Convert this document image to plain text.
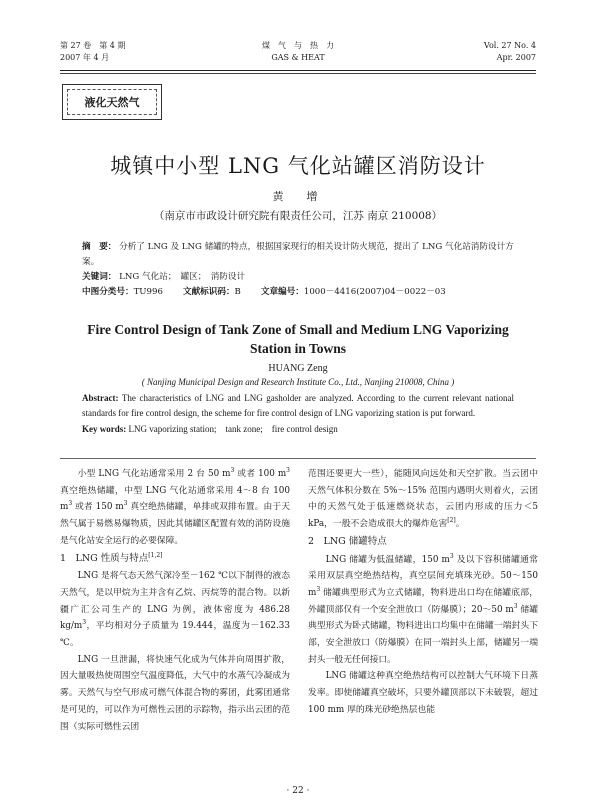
第 27 卷　第 4 期
2007 年 4 月
煤　气　与　热　力
GAS & HEAT
Vol. 27 No. 4
Apr. 2007
液化天然气
城镇中小型 LNG 气化站罐区消防设计
黄　增
（南京市市政设计研究院有限责任公司，江苏 南京 210008）
摘　要： 分析了 LNG 及 LNG 储罐的特点，根据国家现行的相关设计防火规范，提出了 LNG 气化站消防设计方案。
关键词： LNG 气化站；　罐区；　消防设计
中图分类号：TU996 文献标识码：B 文章编号：1000－4416(2007)04－0022－03
Fire Control Design of Tank Zone of Small and Medium LNG Vaporizing Station in Towns
HUANG Zeng
( Nanjing Municipal Design and Research Institute Co., Ltd., Nanjing 210008, China )
Abstract: The characteristics of LNG and LNG gasholder are analyzed. According to the current relevant national standards for fire control design, the scheme for fire control design of LNG vaporizing station is put forward.
Key words: LNG vaporizing station;　tank zone;　fire control design

小型 LNG 气化站通常采用 2 台 50 $m^3$ 或者 100 $m^3$ 真空绝热储罐，中型 LNG 气化站通常采用 4～8 台 100 $m^3$ 或者 150 $m^3$ 真空绝热储罐，单排或双排布置。由于天然气属于易燃易爆物质，因此其储罐区配置有效的消防设施是气化站安全运行的必要保障。

1　LNG 性质与特点[1,2]

LNG 是将气态天然气深冷至－162 ℃以下制得的液态天然气，是以甲烷为主并含有乙烷、丙烷等的混合物。以新疆广汇公司生产的 LNG 为例，液体密度为 486.28 $kg/m^3$，平均相对分子质量为 19.444，温度为－162.33 ℃。

LNG 一旦泄漏，将快速气化成为气体并向周围扩散，因大量吸热使周围空气温度降低，大气中的水蒸气冷凝成为雾。天然气与空气形成可燃气体混合物的雾团，此雾团通常是可见的，可以作为可燃性云团的示踪物，指示出云团的范围（实际可燃性云团

范围还要更大一些），能随风向远处和天空扩散。当云团中天然气体积分数在 5%～15% 范围内遇明火则着火，云团中的天然气处于低速燃烧状态，云团内形成的压力＜5 kPa，一般不会造成很大的爆炸危害[2]。

2　LNG 储罐特点

LNG 储罐为低温储罐，150 $m^3$ 及以下容积储罐通常采用双层真空绝热结构，真空层间充填珠光砂。50～150 $m^3$ 储罐典型形式为立式储罐，物料进出口均在储罐底部，外罐顶部仅有一个安全泄放口（防爆膜）；20～50 $m^3$ 储罐典型形式为卧式储罐，物料进出口均集中在储罐一端封头下部，安全泄放口（防爆膜）在同一端封头上部，储罐另一端封头一般无任何接口。

LNG 储罐这种真空绝热结构可以控制大气环境下日蒸发率。即使储罐真空破坏，只要外罐顶部以下未破裂，超过 100 mm 厚的珠光砂绝热层也能

· 22 ·
